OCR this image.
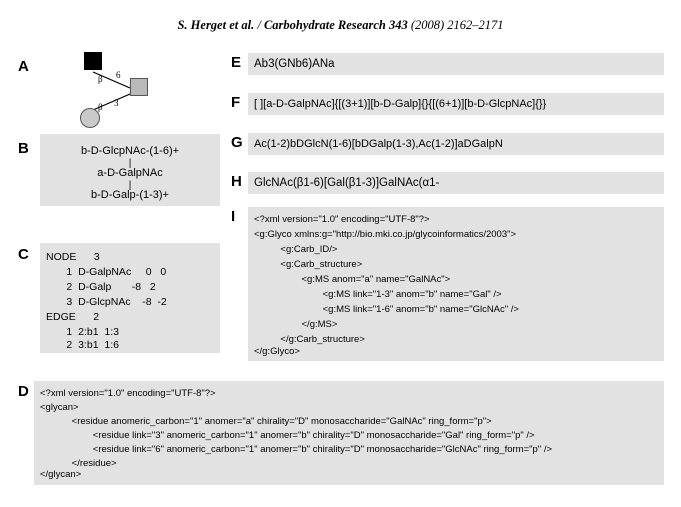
S. Herget et al. / Carbohydrate Research 343 (2008) 2162–2171
A
β 6
3
β
B	b-D-GlcpNAc-(1-6)+
|
a-D-GalpNAc
|
b-D-Galp-(1-3)+
C NODE      3
1  D-GalpNAc     0   0
2  D-Galp       -8   2
3  D-GlcpNAc    -8  -2
EDGE      2
1  2:b1  1:3
2  3:b1  1:6
D <?xml version="1.0" encoding="UTF-8"?>
<glycan>
<residue anomeric_carbon="1" anomer="a" chirality="D" monosaccharide="GalNAc" ring_form="p">
<residue link="3" anomeric_carbon="1" anomer="b" chirality="D" monosaccharide="Gal" ring_form="p" />
<residue link="6" anomeric_carbon="1" anomer="b" chirality="D" monosaccharide="GlcNAc" ring_form="p" />
</residue>
</glycan>
E Ab3(GNb6)ANa
F [ ][a-D-GalpNAc]{[(3+1)][b-D-Galp]{}{[(6+1)][b-D-GlcpNAc]{}}
G Ac(1-2)bDGlcN(1-6)[bDGalp(1-3),Ac(1-2)]aDGalpN
H GlcNAc(β1-6)[Gal(β1-3)]GalNAc(α1-
I <?xml version="1.0" encoding="UTF-8"?>
<g:Glyco xmlns:g="http://bio.mki.co.jp/glycoinformatics/2003">
<g:Carb_ID/>
<g:Carb_structure>
<g:MS anom="a" name="GalNAc">
<g:MS link="1-3" anom="b" name="Gal" />
<g:MS link="1-6" anom="b" name="GlcNAc" />
</g:MS>
</g:Carb_structure>
</g:Glyco>
